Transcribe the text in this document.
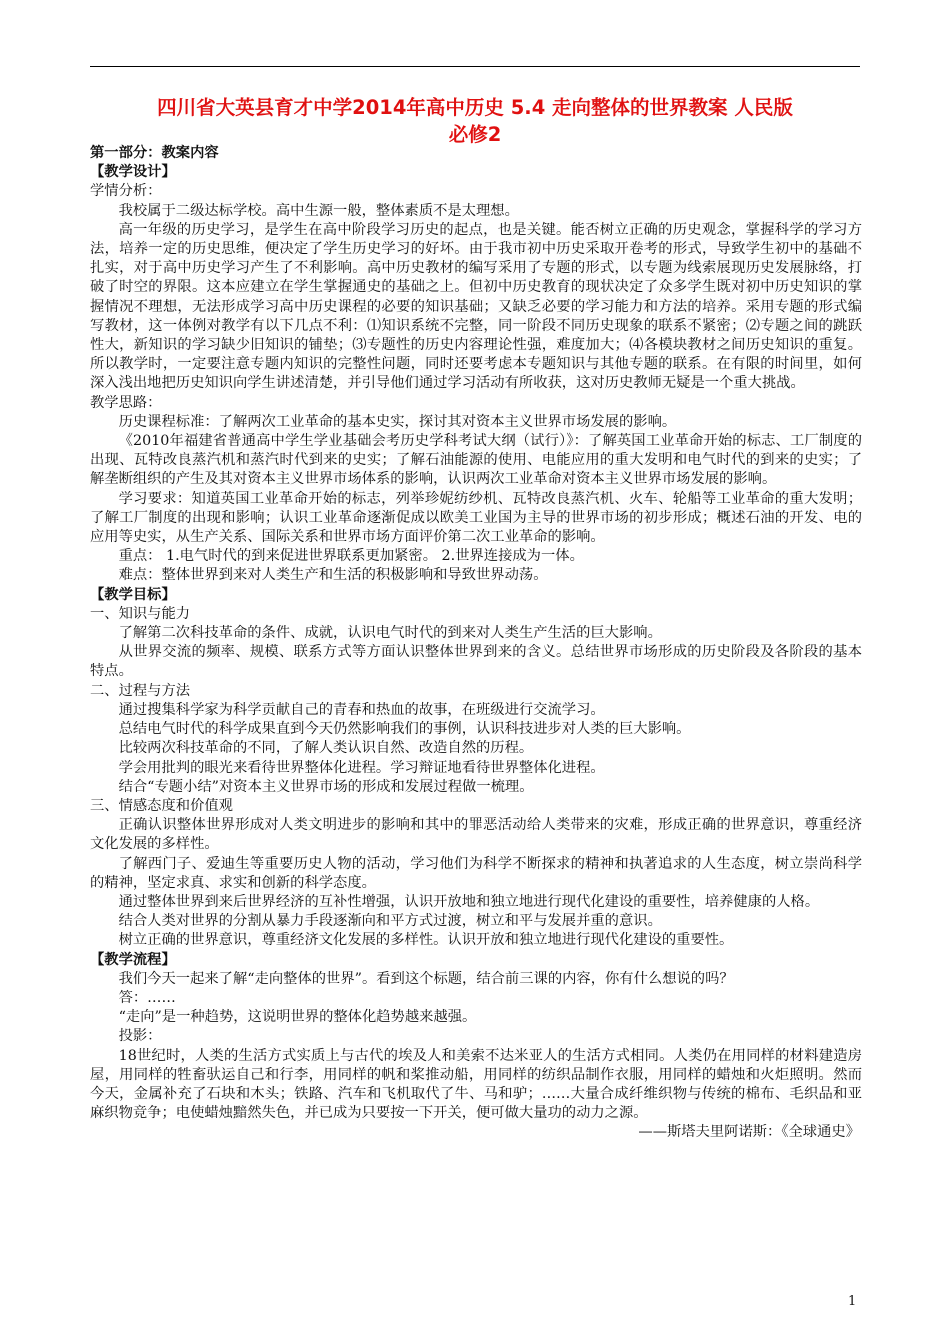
四川省大英县育才中学2014年高中历史 5.4 走向整体的世界教案 人民版
必修2

第一部分：教案内容

【教学设计】

学情分析：

我校属于二级达标学校。高中生源一般，整体素质不是太理想。

高一年级的历史学习，是学生在高中阶段学习历史的起点，也是关键。能否树立正确的历史观念，掌握科学的学习方法，培养一定的历史思维，便决定了学生历史学习的好坏。由于我市初中历史采取开卷考的形式，导致学生初中的基础不扎实，对于高中历史学习产生了不利影响。高中历史教材的编写采用了专题的形式，以专题为线索展现历史发展脉络，打破了时空的界限。这本应建立在学生掌握通史的基础之上。但初中历史教育的现状决定了众多学生既对初中历史知识的掌握情况不理想，无法形成学习高中历史课程的必要的知识基础；又缺乏必要的学习能力和方法的培养。采用专题的形式编写教材，这一体例对教学有以下几点不利：⑴知识系统不完整，同一阶段不同历史现象的联系不紧密；⑵专题之间的跳跃性大，新知识的学习缺少旧知识的铺垫；⑶专题性的历史内容理论性强，难度加大；⑷各模块教材之间历史知识的重复。所以教学时，一定要注意专题内知识的完整性问题，同时还要考虑本专题知识与其他专题的联系。在有限的时间里，如何深入浅出地把历史知识向学生讲述清楚，并引导他们通过学习活动有所收获，这对历史教师无疑是一个重大挑战。

教学思路：

历史课程标准：了解两次工业革命的基本史实，探讨其对资本主义世界市场发展的影响。

《2010年福建省普通高中学生学业基础会考历史学科考试大纲（试行）》：了解英国工业革命开始的标志、工厂制度的出现、瓦特改良蒸汽机和蒸汽时代到来的史实；了解石油能源的使用、电能应用的重大发明和电气时代的到来的史实；了解垄断组织的产生及其对资本主义世界市场体系的影响，认识两次工业革命对资本主义世界市场发展的影响。

学习要求：知道英国工业革命开始的标志，列举珍妮纺纱机、瓦特改良蒸汽机、火车、轮船等工业革命的重大发明；了解工厂制度的出现和影响；认识工业革命逐渐促成以欧美工业国为主导的世界市场的初步形成；概述石油的开发、电的应用等史实，从生产关系、国际关系和世界市场方面评价第二次工业革命的影响。

重点： 1.电气时代的到来促进世界联系更加紧密。 2.世界连接成为一体。

难点：整体世界到来对人类生产和生活的积极影响和导致世界动荡。

【教学目标】

一、知识与能力

了解第二次科技革命的条件、成就，认识电气时代的到来对人类生产生活的巨大影响。

从世界交流的频率、规模、联系方式等方面认识整体世界到来的含义。总结世界市场形成的历史阶段及各阶段的基本特点。

二、过程与方法

通过搜集科学家为科学贡献自己的青春和热血的故事，在班级进行交流学习。

总结电气时代的科学成果直到今天仍然影响我们的事例，认识科技进步对人类的巨大影响。

比较两次科技革命的不同，了解人类认识自然、改造自然的历程。

学会用批判的眼光来看待世界整体化进程。学习辩证地看待世界整体化进程。

结合“专题小结”对资本主义世界市场的形成和发展过程做一梳理。

三、情感态度和价值观

正确认识整体世界形成对人类文明进步的影响和其中的罪恶活动给人类带来的灾难，形成正确的世界意识，尊重经济文化发展的多样性。

了解西门子、爱迪生等重要历史人物的活动，学习他们为科学不断探求的精神和执著追求的人生态度，树立崇尚科学的精神，坚定求真、求实和创新的科学态度。

通过整体世界到来后世界经济的互补性增强，认识开放地和独立地进行现代化建设的重要性，培养健康的人格。

结合人类对世界的分割从暴力手段逐渐向和平方式过渡，树立和平与发展并重的意识。

树立正确的世界意识，尊重经济文化发展的多样性。认识开放和独立地进行现代化建设的重要性。

【教学流程】

我们今天一起来了解“走向整体的世界”。看到这个标题，结合前三课的内容，你有什么想说的吗？

答：……

“走向”是一种趋势，这说明世界的整体化趋势越来越强。

投影：

18世纪时，人类的生活方式实质上与古代的埃及人和美索不达米亚人的生活方式相同。人类仍在用同样的材料建造房屋，用同样的牲畜驮运自己和行李，用同样的帆和桨推动船，用同样的纺织品制作衣服，用同样的蜡烛和火炬照明。然而今天，金属补充了石块和木头；铁路、汽车和飞机取代了牛、马和驴；……大量合成纤维织物与传统的棉布、毛织品和亚麻织物竞争；电使蜡烛黯然失色，并已成为只要按一下开关，便可做大量功的动力之源。

——斯塔夫里阿诺斯：《全球通史》

1
